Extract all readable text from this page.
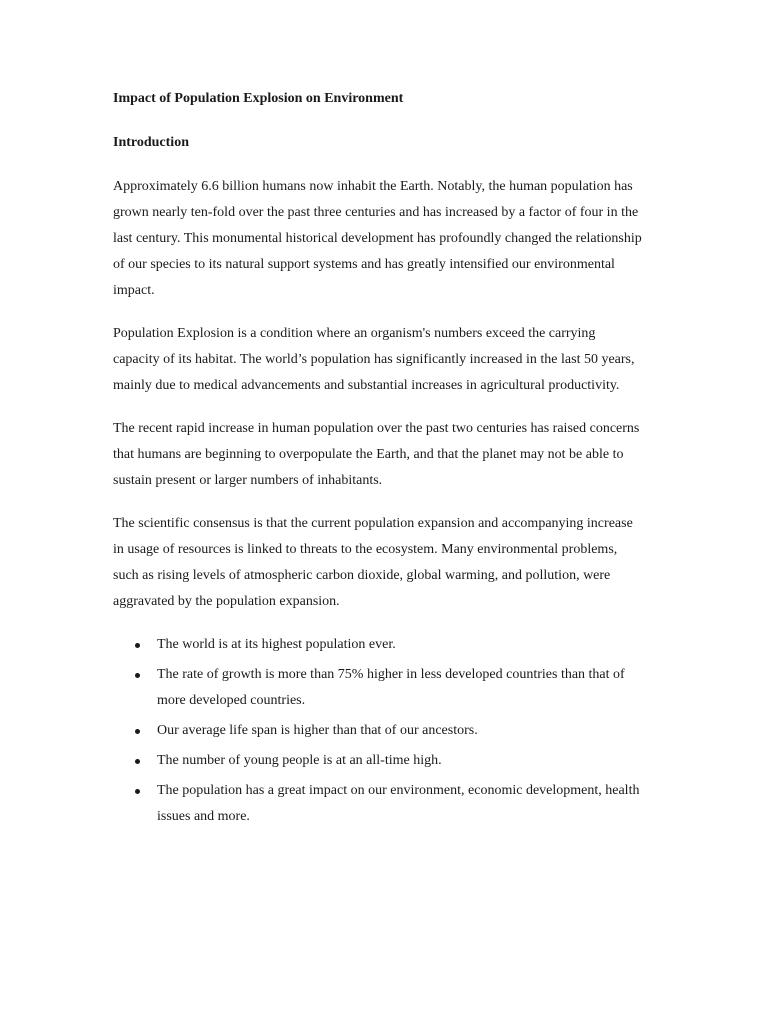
Impact of Population Explosion on Environment
Introduction

Approximately 6.6 billion humans now inhabit the Earth. Notably, the human population has grown nearly ten-fold over the past three centuries and has increased by a factor of four in the last century. This monumental historical development has profoundly changed the relationship of our species to its natural support systems and has greatly intensified our environmental impact.

Population Explosion is a condition where an organism's numbers exceed the carrying capacity of its habitat. The world’s population has significantly increased in the last 50 years, mainly due to medical advancements and substantial increases in agricultural productivity.

The recent rapid increase in human population over the past two centuries has raised concerns that humans are beginning to overpopulate the Earth, and that the planet may not be able to sustain present or larger numbers of inhabitants.

The scientific consensus is that the current population expansion and accompanying increase in usage of resources is linked to threats to the ecosystem. Many environmental problems, such as rising levels of atmospheric carbon dioxide, global warming, and pollution, were aggravated by the population expansion.

The world is at its highest population ever.
The rate of growth is more than 75% higher in less developed countries than that of more developed countries.
Our average life span is higher than that of our ancestors.
The number of young people is at an all-time high.
The population has a great impact on our environment, economic development, health issues and more.
